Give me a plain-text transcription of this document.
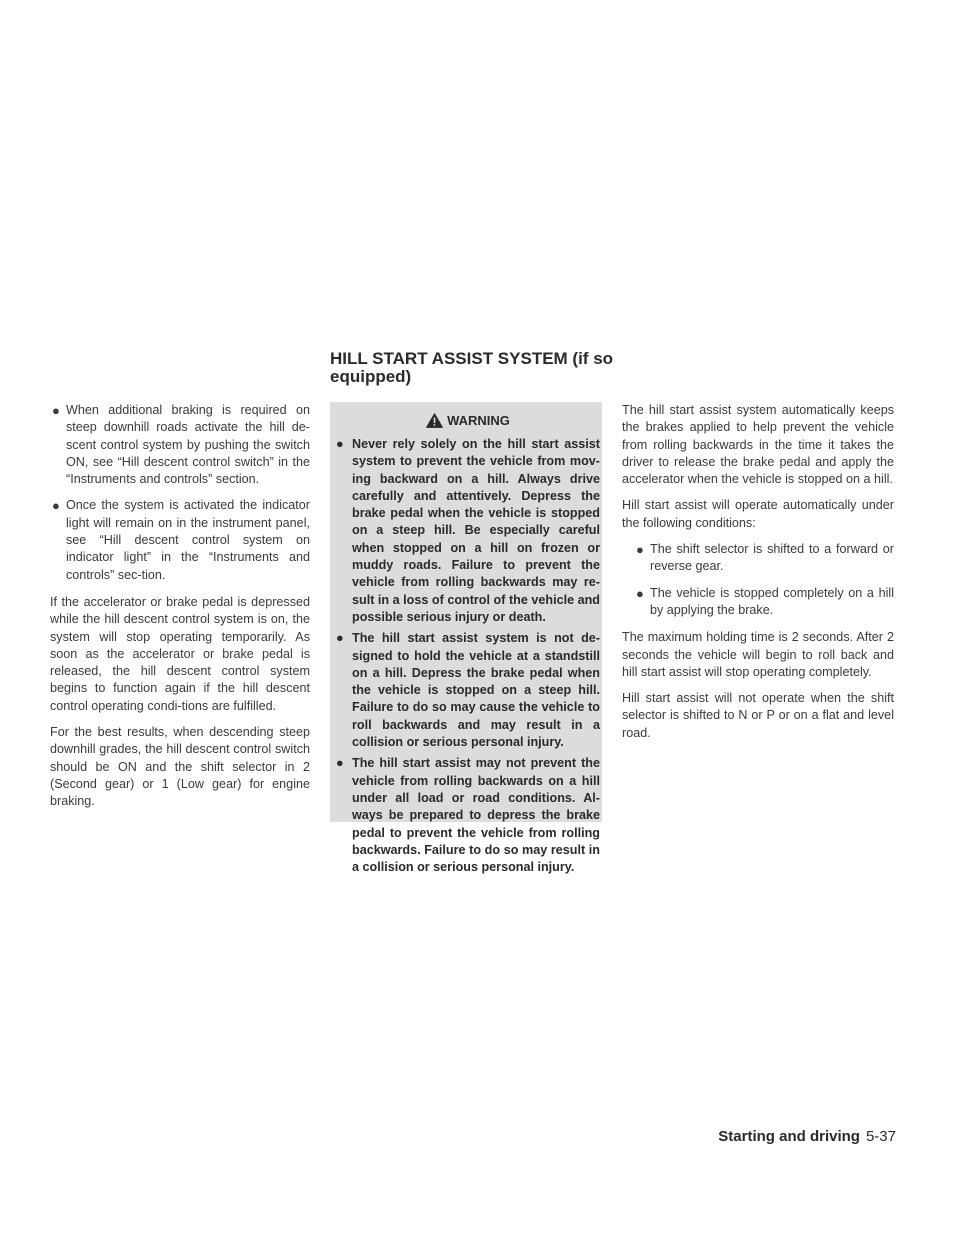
HILL START ASSIST SYSTEM (if so equipped)
● When additional braking is required on steep downhill roads activate the hill de-scent control system by pushing the switch ON, see “Hill descent control switch” in the “Instruments and controls” section.
● Once the system is activated the indicator light will remain on in the instrument panel, see “Hill descent control system on indicator light” in the “Instruments and controls” sec-tion.

If the accelerator or brake pedal is depressed while the hill descent control system is on, the system will stop operating temporarily. As soon as the accelerator or brake pedal is released, the hill descent control system begins to function again if the hill descent control operating condi-tions are fulfilled.

For the best results, when descending steep downhill grades, the hill descent control switch should be ON and the shift selector in 2 (Second gear) or 1 (Low gear) for engine braking.

WARNING
● Never rely solely on the hill start assist system to prevent the vehicle from mov-ing backward on a hill. Always drive carefully and attentively. Depress the brake pedal when the vehicle is stopped on a steep hill. Be especially careful when stopped on a hill on frozen or muddy roads. Failure to prevent the vehicle from rolling backwards may re-sult in a loss of control of the vehicle and possible serious injury or death.
● The hill start assist system is not de-signed to hold the vehicle at a standstill on a hill. Depress the brake pedal when the vehicle is stopped on a steep hill. Failure to do so may cause the vehicle to roll backwards and may result in a collision or serious personal injury.
● The hill start assist may not prevent the vehicle from rolling backwards on a hill under all load or road conditions. Al-ways be prepared to depress the brake pedal to prevent the vehicle from rolling backwards. Failure to do so may result in a collision or serious personal injury.

The hill start assist system automatically keeps the brakes applied to help prevent the vehicle from rolling backwards in the time it takes the driver to release the brake pedal and apply the accelerator when the vehicle is stopped on a hill.

Hill start assist will operate automatically under the following conditions:

● The shift selector is shifted to a forward or reverse gear.
● The vehicle is stopped completely on a hill by applying the brake.

The maximum holding time is 2 seconds. After 2 seconds the vehicle will begin to roll back and hill start assist will stop operating completely.

Hill start assist will not operate when the shift selector is shifted to N or P or on a flat and level road.

Starting and driving 5-37
